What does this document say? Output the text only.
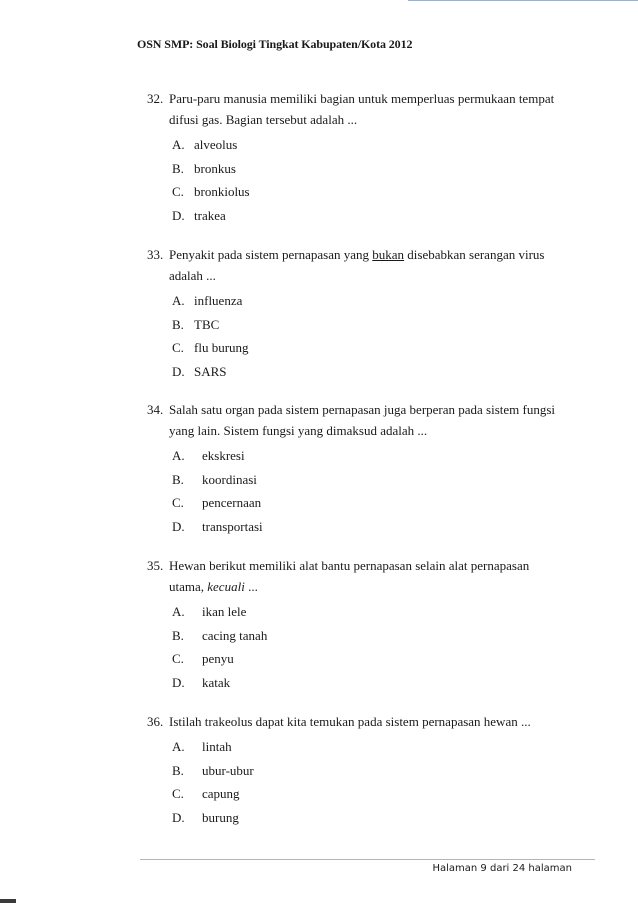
OSN SMP: Soal Biologi Tingkat Kabupaten/Kota 2012
32. Paru-paru manusia memiliki bagian untuk memperluas permukaan tempat
difusi gas. Bagian tersebut adalah ...
A. alveolus
B. bronkus
C. bronkiolus
D. trakea
33. Penyakit pada sistem pernapasan yang bukan disebabkan serangan virus
adalah ...
A. influenza
B. TBC
C. flu burung
D. SARS
34. Salah satu organ pada sistem pernapasan juga berperan pada sistem fungsi
yang lain. Sistem fungsi yang dimaksud adalah ...
A. ekskresi
B. koordinasi
C. pencernaan
D. transportasi
35. Hewan berikut memiliki alat bantu pernapasan selain alat pernapasan
utama, kecuali ...
A. ikan lele
B. cacing tanah
C. penyu
D. katak
36. Istilah trakeolus dapat kita temukan pada sistem pernapasan hewan ...
A. lintah
B. ubur-ubur
C. capung
D. burung
Halaman 9 dari 24 halaman
